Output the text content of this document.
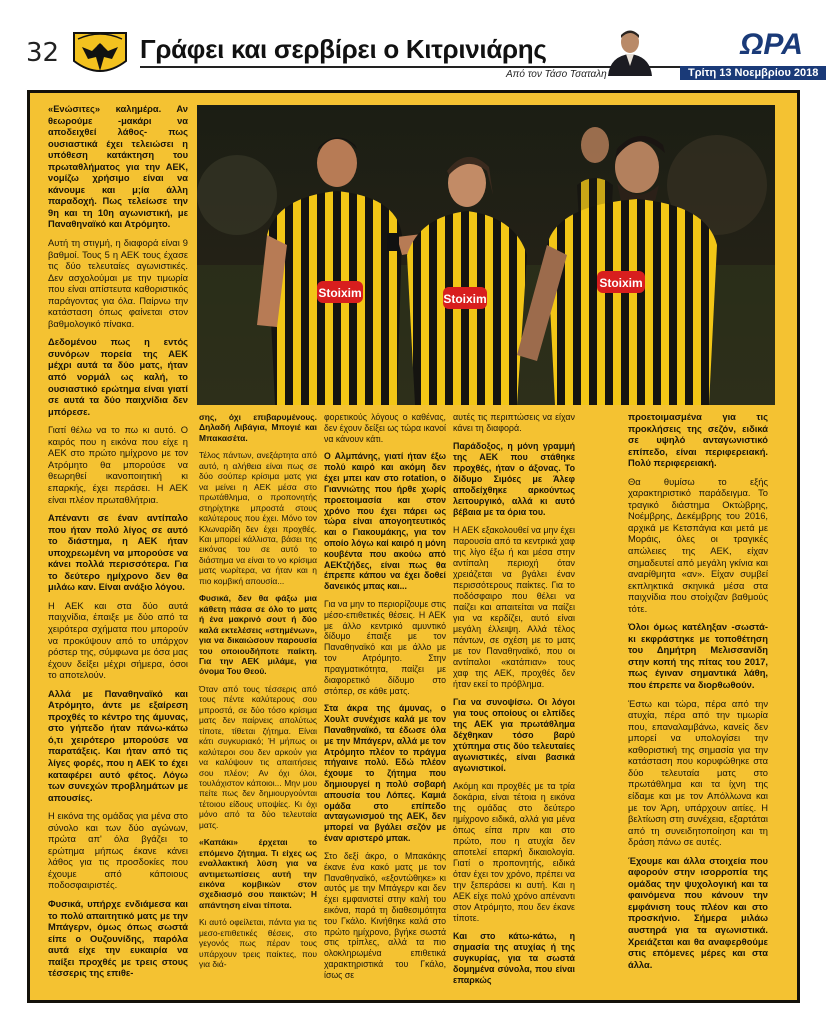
32	Γράφει και σερβίρει ο Κιτρινιάρης
Από τον Τάσο Τσαταλη
ΩΡΑ
Τρίτη 13 Νοεμβρίου 2018
Stoixim	Stoixim
Stoixim

«Ενώσιτες» καλημέρα. Αν θεωρούμε -μακάρι να αποδειχθεί λάθος- πως ουσιαστικά έχει τελειώσει η υπόθεση κατάκτηση του πρωταθλήματος για την ΑΕΚ, νομίζω χρήσιμο είναι να κάνουμε και μ;ία άλλη παραδοχή. Πως τελείωσε την 9η και τη 10η αγωνιστική, με Παναθηναϊκό και Ατρόμητο.

Αυτή τη στιγμή, η διαφορά είναι 9 βαθμοί. Τους 5 η ΑΕΚ τους έχασε τις δύο τελευταίες αγωνιστικές. Δεν ασχολούμαι με την τιμωρία που είναι απίστευτα καθοριστικός παράγοντας για όλα. Παίρνω την κατάσταση όπως φαίνεται στον βαθμολογικό πίνακα.

Δεδομένου πως η εντός συνόρων πορεία της ΑΕΚ μέχρι αυτά τα δύο ματς, ήταν από νορμάλ ως καλή, το ουσιαστικό ερώτημα είναι γιατί σε αυτά τα δύο παιχνίδια δεν μπόρεσε.

Γιατί θέλω να το πω κι αυτό. Ο καιρός που η εικόνα που είχε η ΑΕΚ στο πρώτο ημίχρονο με τον Ατρόμητο θα μπορούσε να θεωρηθεί ικανοποιητική κι επαρκής, έχει περάσει. Η ΑΕΚ είναι πλέον πρωταθλήτρια.

Απέναντι σε έναν αντίπαλο που ήταν πολύ λίγος σε αυτό το διάστημα, η ΑΕΚ ήταν υποχρεωμένη να μπορούσε να κάνει πολλά περισσότερα. Για το δεύτερο ημίχρονο δεν θα μιλάω καν. Είναι ανάξιο λόγου.

Η ΑΕΚ και στα δύο αυτά παιχνίδια, έπαιξε με δύο από τα χειρότερα σχήματα που μπορούν να προκύψουν από το υπάρχον ρόστερ της, σύμφωνα με όσα μας έχουν δείξει μέχρι σήμερα, όσοι το αποτελούν.

Αλλά με Παναθηναϊκό και Ατρόμητο, άντε με εξαίρεση προχθές το κέντρο της άμυνας, στο γήπεδο ήταν πάνω-κάτω ό,τι χειρότερο μπορούσε να παρατάξεις. Και ήταν από τις λίγες φορές, που η ΑΕΚ το έχει καταφέρει αυτό φέτος. Λόγω των συνεχών προβλημάτων με απουσίες.

Η εικόνα της ομάδας για μένα στο σύνολο και των δύο αγώνων, πρώτα απ' όλα βγάζει το ερώτημα μήπως έκανε κάνει λάθος για τις προσδοκίες που έχουμε από κάποιους ποδοσφαιριστές.

Φυσικά, υπήρχε ενδιάμεσα και το πολύ απαιτητικό ματς με την Μπάγερν, όμως όπως σωστά είπε ο Ουζουνίδης, παρόλα αυτά είχε την ευκαιρία να παίξει προχθές με τρεις στους τέσσερις της επιθε-

σης, όχι επιβαρυμένους. Δηλαδή Λιβάγια, Μπογιέ και Μπακασέτα.

Τέλος πάντων, ανεξάρτητα από αυτό, η αλήθεια είναι πως σε δύο σούπερ κρίσιμα ματς για να μείνει η ΑΕΚ μέσα στο πρωτάθλημα, ο προπονητής στηρίχτηκε μπροστά στους καλύτερους που έχει. Μόνο τον Κλωναρίδη δεν έχει προχθές. Και μπορεί κάλλιστα, βάσει της εικόνας του σε αυτό το διάστημα να είναι το νο κρίσιμα ματς νωρίτερα, να ήταν και η πιο κομβική απουσία...

Φυσικά, δεν θα φάξω μια κάθετη πάσα σε όλο το ματς ή ένα μακρινό σουτ ή δύο καλά εκτελέσεις «στημένων», για να δικαιώσουν παρουσία του οποιουδήποτε παίκτη. Για την ΑΕΚ μιλάμε, για όνομα Του Θεού.

Όταν από τους τέσσερις από τους πέντε καλύτερους σου μπροστά, σε δύο τόσο κρίσιμα ματς δεν παίρνεις απολύτως τίποτε, τίθεται ζήτημα. Είναι κάτι συγκυριακό; Ή μήπως οι καλύτεροι σου δεν αρκούν για να καλύψουν τις απαιτήσεις σου πλέον; Αν όχι όλοι, τουλάχιστον κάποιοι... Μην μου πείτε πως δεν δημιουργούνται τέτοιου είδους υποψίες. Κι όχι μόνο από τα δύο τελευταία ματς.

«Καπάκι» έρχεται το επόμενο ζήτημα. Τι είχες ως εναλλακτική λύση για να αντιμετωπίσεις αυτή την εικόνα κομβικών στον σχεδιασμό σου παικτών; Η απάντηση είναι τίποτα.

Κι αυτό οφείλεται, πάντα για τις μεσο-επιθετικές θέσεις, στο γεγονός πως πέραν τους υπάρχουν τρεις παίκτες, που για διά-

φορετικούς λόγους ο καθένας, δεν έχουν δείξει ως τώρα ικανοί να κάνουν κάτι.

Ο Αλμπάνης, γιατί ήταν έξω πολύ καιρό και ακόμη δεν έχει μπει καν στο rotation, ο Γιαννιώτης που ήρθε χωρίς προετοιμασία και στον χρόνο που έχει πάρει ως τώρα είναι απογοητευτικός και ο Γιακουμάκης, για τον οποίο λόγω καί καιρό η μόνη κουβέντα που ακούω από ΑΕΚτζήδες, είναι πως θα έπρεπε κάπου να έχει δοθεί δανεικός μπας και...

Για να μην το περιορίζουμε στις μέσο-επιθετικές θέσεις. Η ΑΕΚ με άλλο κεντρικό αμυντικό δίδυμο έπαιξε με τον Παναθηναϊκό και με άλλο με τον Ατρόμητο. Στην πραγματικότητα, παίζει με διαφορετικό δίδυμο στο στόπερ, σε κάθε ματς.

Στα άκρα της άμυνας, ο Χουλτ συνέχισε καλά με τον Παναθηναϊκό, τα έδωσε όλα με την Μπάγερν, αλλά με τον Ατρόμητο πλέον το πράγμα πήγαινε πολύ. Εδώ πλέον έχουμε το ζήτημα που δημιουργεί η πολύ σοβαρή απουσία του Λόπες. Καμιά ομάδα στο επίπεδο ανταγωνισμού της ΑΕΚ, δεν μπορεί να βγάλει σεζόν με έναν αριστερό μπακ.

Στο δεξί άκρο, ο Μπακάκης έκανε ένα κακό ματς με τον Παναθηναϊκό, «εξοντώθηκε» κι αυτός με την Μπάγερν και δεν έχει εμφανιστεί στην καλή του εικόνα, παρά τη διαθεσιμότητα του Γκάλο. Κινήθηκε καλά στο πρώτο ημίχρονο, βγήκε σωστά στις τρίπλες, αλλά τα πιο ολοκληρωμένα επιθετικά χαρακτηριστικά του Γκάλο, ίσως σε

αυτές τις περιπτώσεις να είχαν κάνει τη διαφορά.

Παράδοξος, η μόνη γραμμή της ΑΕΚ που στάθηκε προχθές, ήταν ο άξονας. Το δίδυμο Σιμόες με Άλεφ αποδείχθηκε αρκούντως λειτουργικό, αλλά κι αυτό βέβαια με τα όρια του.

Η ΑΕΚ εξακολουθεί να μην έχει παρουσία από τα κεντρικά χαφ της λίγο έξω ή και μέσα στην αντίπαλη περιοχή όταν χρειάζεται να βγάλει έναν περισσότερους παίκτες. Για το ποδόσφαιρο που θέλει να παίζει και απαιτείται να παίζει για να κερδίζει, αυτό είναι μεγάλη έλλειψη. Αλλά τέλος πάντων, σε σχέση με το ματς με τον Παναθηναϊκό, που οι αντίπαλοι «κατάπιαν» τους χαφ της ΑΕΚ, προχθές δεν ήταν εκεί το πρόβλημα.

Για να συνοψίσω. Οι λόγοι για τους οποίους οι ελπίδες της ΑΕΚ για πρωτάθλημα δέχθηκαν τόσο βαρύ χτύπημα στις δύο τελευταίες αγωνιστικές, είναι βασικά αγωνιστικοί.

Ακόμη και προχθές με τα τρία δοκάρια, είναι τέτοια η εικόνα της ομάδας στο δεύτερο ημίχρονο ειδικά, αλλά για μένα όπως είπα πριν και στο πρώτο, που η ατυχία δεν αποτελεί επαρκή δικαιολογία. Γιατί ο προπονητής, ειδικά όταν έχει τον χρόνο, πρέπει να την ξεπεράσει κι αυτή. Και η ΑΕΚ είχε πολύ χρόνο απέναντι στον Ατρόμητο, που δεν έκανε τίποτε.

Και στο κάτω-κάτω, η σημασία της ατυχίας ή της συγκυρίας, για τα σωστά δομημένα σύνολα, που είναι επαρκώς

προετοιμασμένα για τις προκλήσεις της σεζόν, ειδικά σε υψηλό ανταγωνιστικό επίπεδο, είναι περιφερειακή. Πολύ περιφερειακή.

Θα θυμίσω το εξής χαρακτηριστικό παράδειγμα. Το τραγικό διάστημα Οκτώβρης, Νοέμβρης, Δεκέμβρης του 2016, αρχικά με Κετσπάγια και μετά με Μοράις, όλες οι τραγικές απώλειες της ΑΕΚ, είχαν σημαδευτεί από μεγάλη γκίνια και αναρίθμητα «αν». Είχαν συμβεί εκπληκτικά σκηνικά μέσα στα παιχνίδια που στοίχιζαν βαθμούς τότε.

Όλοι όμως κατέληξαν -σωστά- κι εκφράστηκε με τοποθέτηση του Δημήτρη Μελισσανίδη στην κοπή της πίτας του 2017, πως έγιναν σημαντικά λάθη, που έπρεπε να διορθωθούν.

Έστω και τώρα, πέρα από την ατυχία, πέρα από την τιμωρία που, επαναλαμβάνω, κανείς δεν μπορεί να υπολογίσει την καθοριστική της σημασία για την κατάσταση που κορυφώθηκε στα δύο τελευταία ματς στο πρωτάθλημα και τα ίχνη της είδαμε και με τον Απόλλωνα και με τον Άρη, υπάρχουν αιτίες. Η βελτίωση στη συνέχεια, εξαρτάται από τη συνειδητοποίηση και τη δράση πάνω σε αυτές.

Έχουμε και άλλα στοιχεία που αφορούν στην ισορροπία της ομάδας την ψυχολογική και τα φαινόμενα που κάνουν την εμφάνιση τους πλέον και στο προσκήνιο. Σήμερα μιλάω αυστηρά για τα αγωνιστικά. Χρειάζεται και θα αναφερθούμε στις επόμενες μέρες και στα άλλα.
